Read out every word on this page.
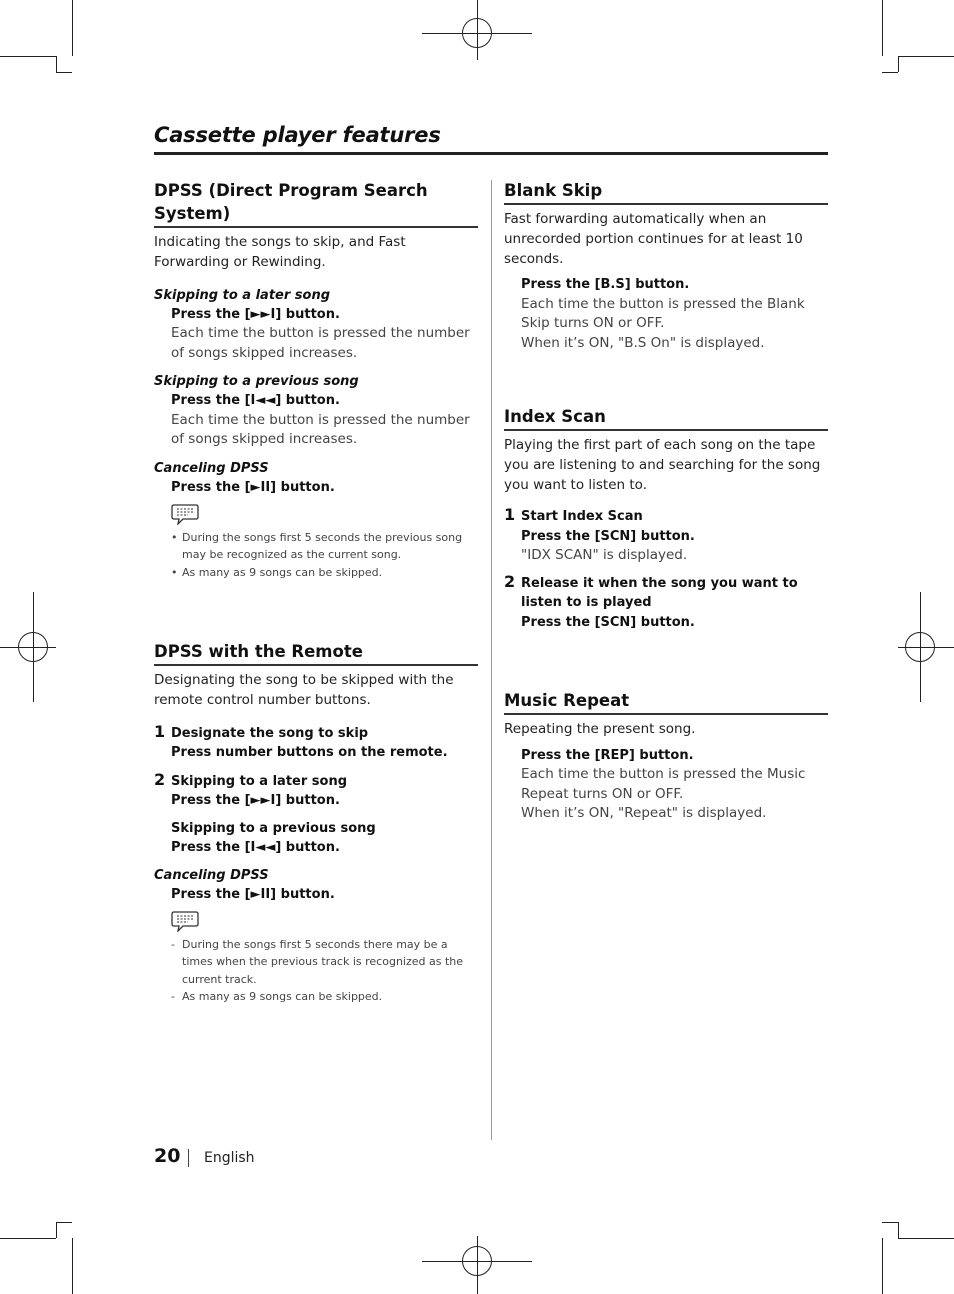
Cassette player features
DPSS (Direct Program Search System)
Indicating the songs to skip, and Fast Forwarding or Rewinding.
Skipping to a later song
Press the [►►I] button.
Each time the button is pressed the number of songs skipped increases.
Skipping to a previous song
Press the [I◄◄] button.
Each time the button is pressed the number of songs skipped increases.
Canceling DPSS
Press the [►II] button.
• During the songs first 5 seconds the previous song may be recognized as the current song.
• As many as 9 songs can be skipped.
DPSS with the Remote
Designating the song to be skipped with the remote control number buttons.
1 Designate the song to skip
Press number buttons on the remote.
2 Skipping to a later song
Press the [►►I] button.
Skipping to a previous song
Press the [I◄◄] button.
Canceling DPSS
Press the [►II] button.
- During the songs first 5 seconds there may be a times when the previous track is recognized as the current track.
- As many as 9 songs can be skipped.
Blank Skip
Fast forwarding automatically when an unrecorded portion continues for at least 10 seconds.
Press the [B.S] button.
Each time the button is pressed the Blank Skip turns ON or OFF.
When it’s ON, "B.S On" is displayed.
Index Scan
Playing the first part of each song on the tape you are listening to and searching for the song you want to listen to.
1 Start Index Scan
Press the [SCN] button.
"IDX SCAN" is displayed.
2 Release it when the song you want to listen to is played
Press the [SCN] button.
Music Repeat
Repeating the present song.
Press the [REP] button.
Each time the button is pressed the Music Repeat turns ON or OFF.
When it’s ON, "Repeat" is displayed.
20 English
